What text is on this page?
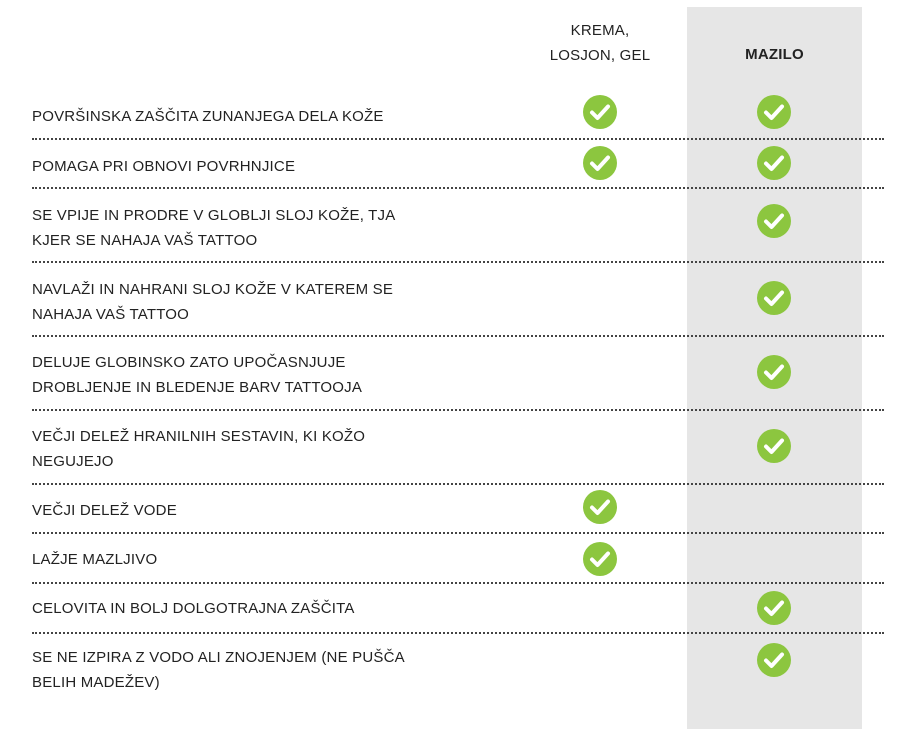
KREMA,
LOSJON, GEL	MAZILO
POVRŠINSKA ZAŠČITA ZUNANJEGA DELA KOŽE
POMAGA PRI OBNOVI POVRHNJICE
SE VPIJE IN PRODRE V GLOBLJI SLOJ KOŽE, TJA
KJER SE NAHAJA VAŠ TATTOO
NAVLAŽI IN NAHRANI SLOJ KOŽE V KATEREM SE
NAHAJA VAŠ TATTOO
DELUJE GLOBINSKO ZATO UPOČASNJUJE
DROBLJENJE IN BLEDENJE BARV TATTOOJA
VEČJI DELEŽ HRANILNIH SESTAVIN, KI KOŽO
NEGUJEJO
VEČJI DELEŽ VODE
LAŽJE MAZLJIVO
CELOVITA IN BOLJ DOLGOTRAJNA ZAŠČITA
SE NE IZPIRA Z VODO ALI ZNOJENJEM (NE PUŠČA
BELIH MADEŽEV)
